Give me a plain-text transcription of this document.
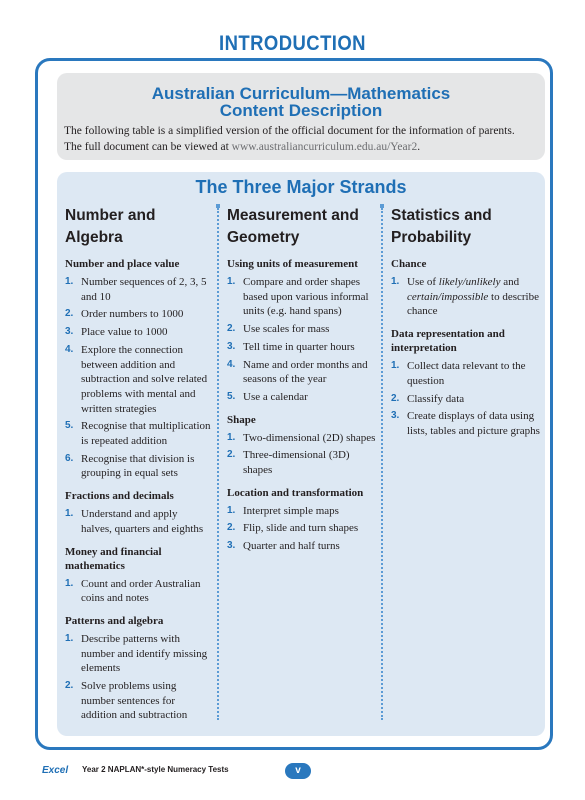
INTRODUCTION
Australian Curriculum—Mathematics
Content Description
The following table is a simplified version of the official document for the information of parents.
The full document can be viewed at www.australiancurriculum.edu.au/Year2.
The Three Major Strands
Number and
Algebra
Number and place value
1. Number sequences of 2, 3, 5 and 10
2. Order numbers to 1000
3. Place value to 1000
4. Explore the connection between addition and subtraction and solve related problems with mental and written strategies
5. Recognise that multiplication is repeated addition
6. Recognise that division is grouping in equal sets
Fractions and decimals
1. Understand and apply halves, quarters and eighths
Money and financial mathematics
1. Count and order Australian coins and notes
Patterns and algebra
1. Describe patterns with number and identify missing elements
2. Solve problems using number sentences for addition and subtraction
Measurement and
Geometry
Using units of measurement
1. Compare and order shapes based upon various informal units (e.g. hand spans)
2. Use scales for mass
3. Tell time in quarter hours
4. Name and order months and seasons of the year
5. Use a calendar
Shape
1. Two-dimensional (2D) shapes
2. Three-dimensional (3D) shapes
Location and transformation
1. Interpret simple maps
2. Flip, slide and turn shapes
3. Quarter and half turns
Statistics and
Probability
Chance
1. Use of likely/unlikely and certain/impossible to describe chance
Data representation and interpretation
1. Collect data relevant to the question
2. Classify data
3. Create displays of data using lists, tables and picture graphs
Excel Year 2 NAPLAN*-style Numeracy Tests	v
